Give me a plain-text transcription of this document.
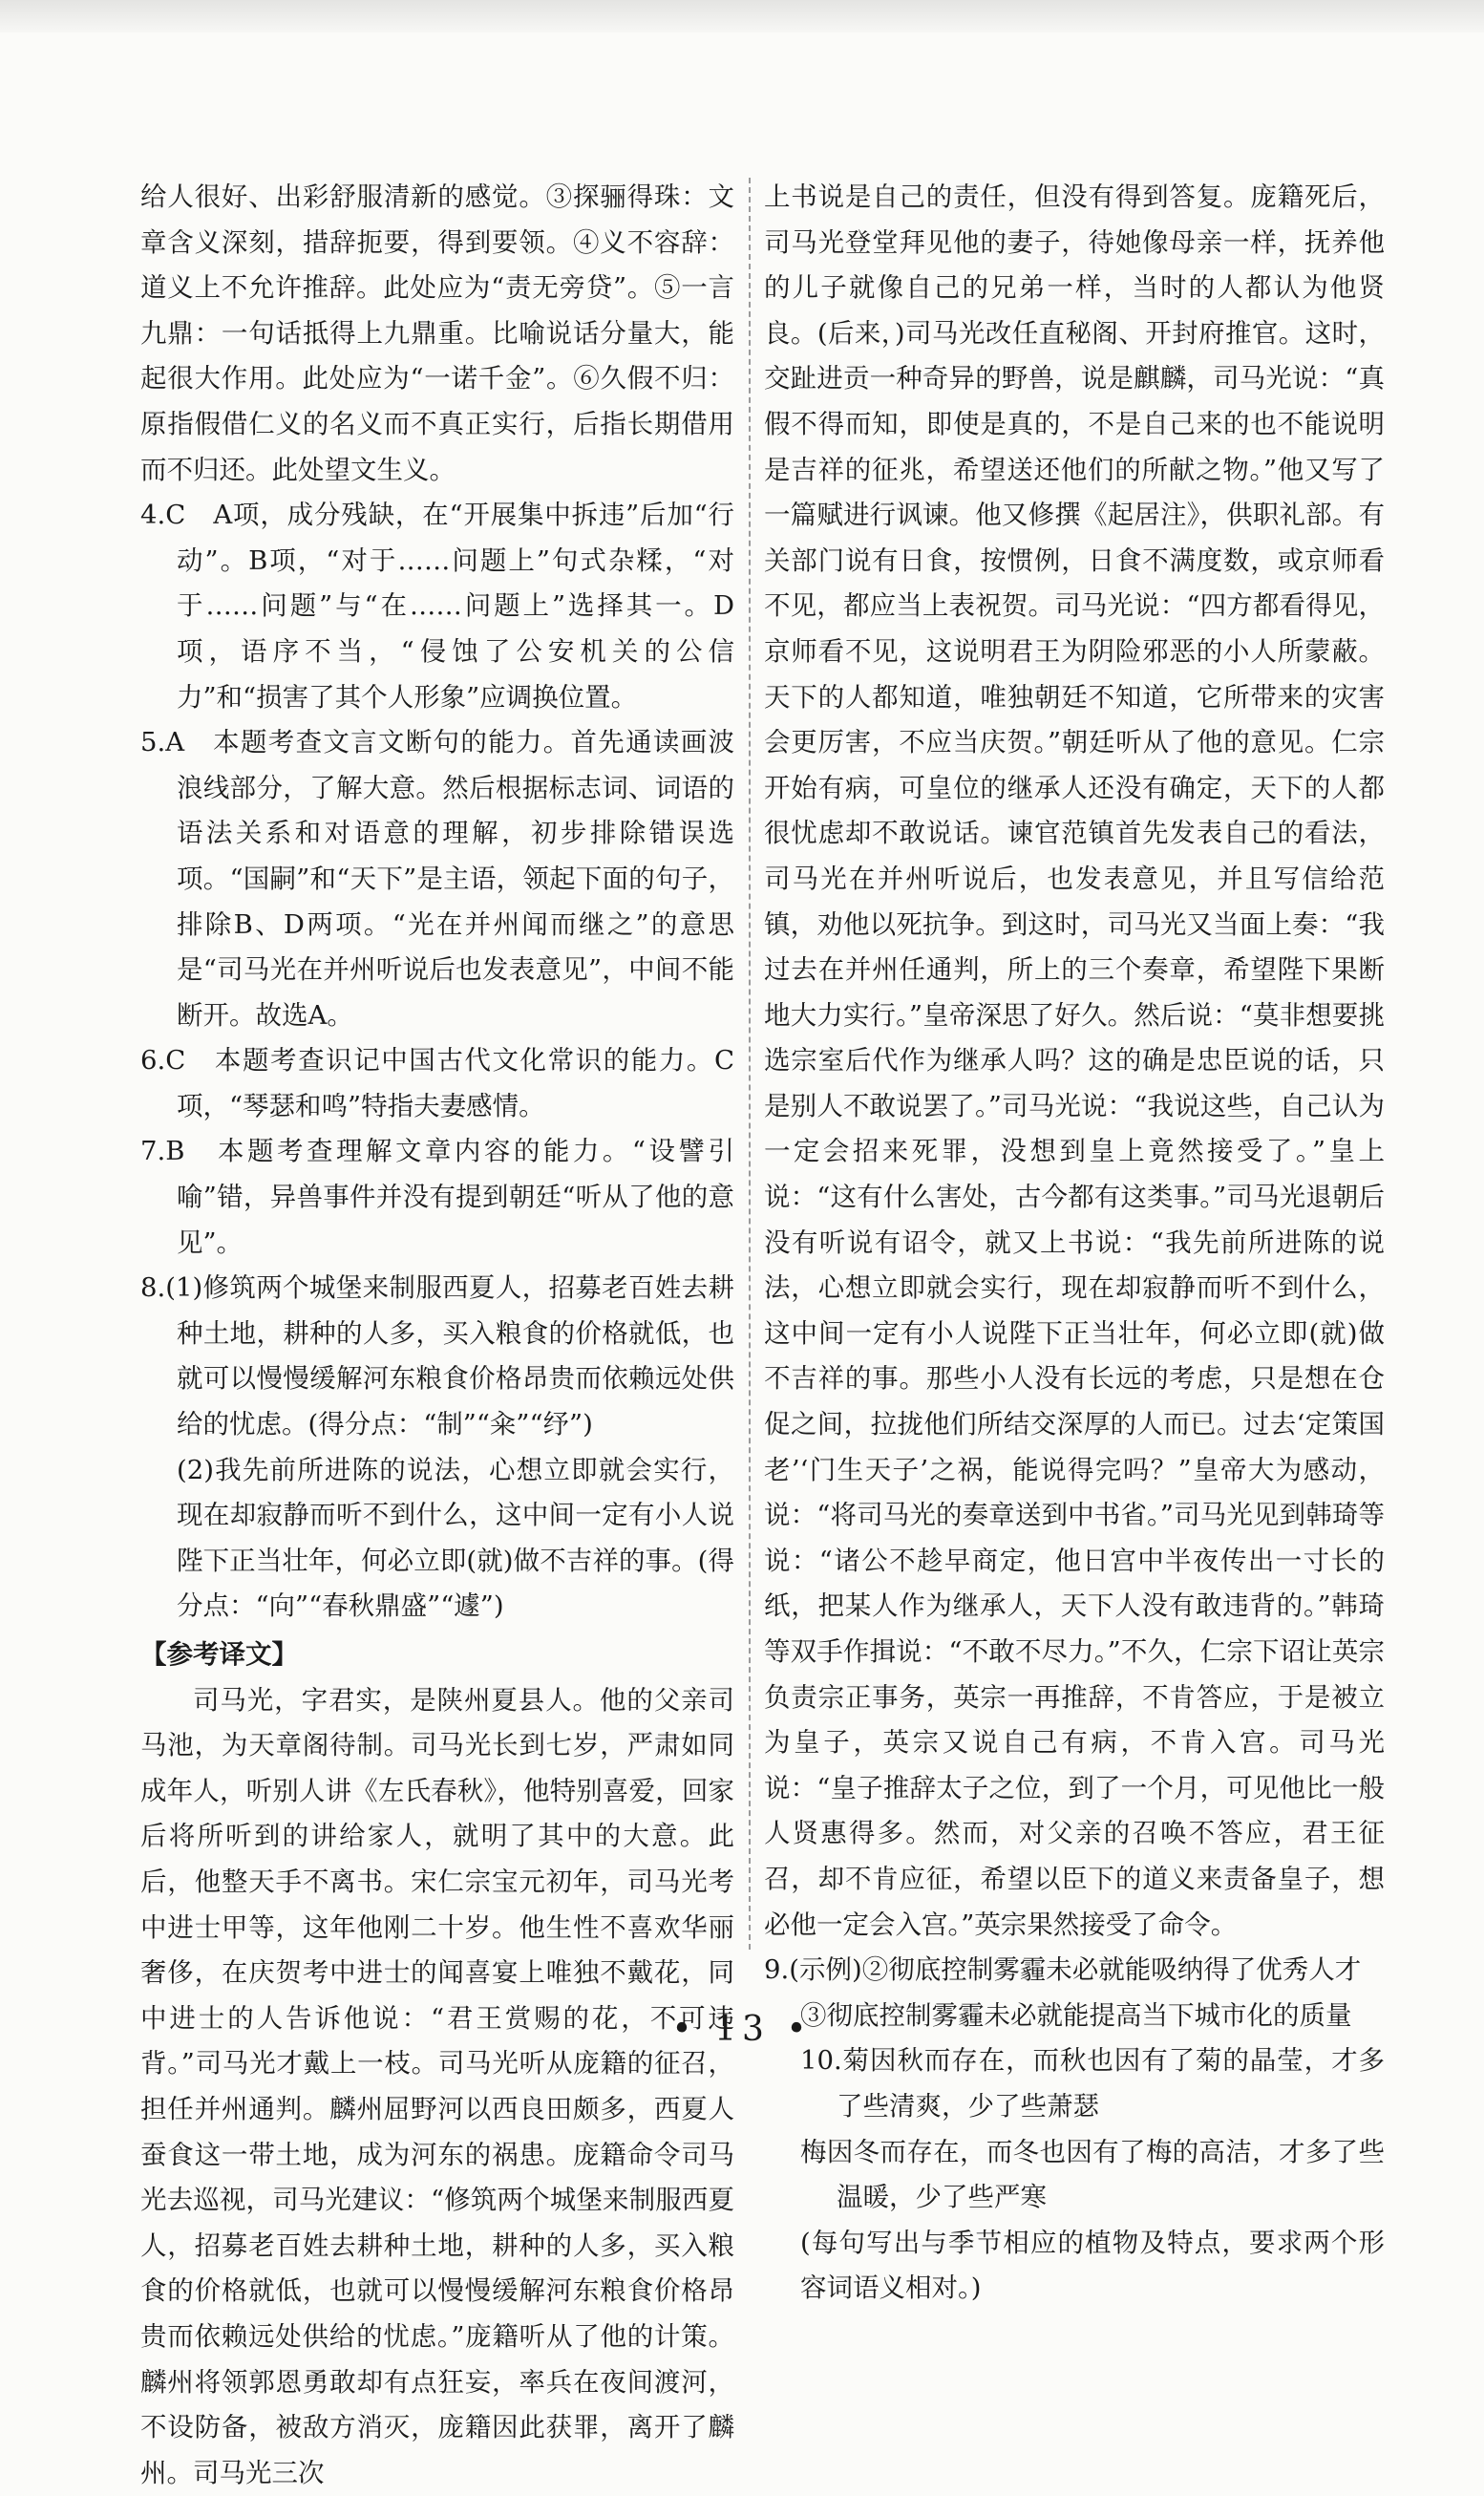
给人很好、出彩舒服清新的感觉。③探骊得珠：文章含义深刻，措辞扼要，得到要领。④义不容辞：道义上不允许推辞。此处应为“责无旁贷”。⑤一言九鼎：一句话抵得上九鼎重。比喻说话分量大，能起很大作用。此处应为“一诺千金”。⑥久假不归：原指假借仁义的名义而不真正实行，后指长期借用而不归还。此处望文生义。

4.C　A项，成分残缺，在“开展集中拆违”后加“行动”。B项，“对于……问题上”句式杂糅，“对于……问题”与“在……问题上”选择其一。D项，语序不当，“侵蚀了公安机关的公信力”和“损害了其个人形象”应调换位置。

5.A　本题考查文言文断句的能力。首先通读画波浪线部分，了解大意。然后根据标志词、词语的语法关系和对语意的理解，初步排除错误选项。“国嗣”和“天下”是主语，领起下面的句子，排除B、D两项。“光在并州闻而继之”的意思是“司马光在并州听说后也发表意见”，中间不能断开。故选A。

6.C　本题考查识记中国古代文化常识的能力。C项，“琴瑟和鸣”特指夫妻感情。

7.B　本题考查理解文章内容的能力。“设譬引喻”错，异兽事件并没有提到朝廷“听从了他的意见”。

8.(1)修筑两个城堡来制服西夏人，招募老百姓去耕种土地，耕种的人多，买入粮食的价格就低，也就可以慢慢缓解河东粮食价格昂贵而依赖远处供给的忧虑。(得分点：“制”“籴”“纾”)

(2)我先前所进陈的说法，心想立即就会实行，现在却寂静而听不到什么，这中间一定有小人说陛下正当壮年，何必立即(就)做不吉祥的事。(得分点：“向”“春秋鼎盛”“遽”)

【参考译文】

司马光，字君实，是陕州夏县人。他的父亲司马池，为天章阁待制。司马光长到七岁，严肃如同成年人，听别人讲《左氏春秋》，他特别喜爱，回家后将所听到的讲给家人，就明了其中的大意。此后，他整天手不离书。宋仁宗宝元初年，司马光考中进士甲等，这年他刚二十岁。他生性不喜欢华丽奢侈，在庆贺考中进士的闻喜宴上唯独不戴花，同中进士的人告诉他说：“君王赏赐的花，不可违背。”司马光才戴上一枝。司马光听从庞籍的征召，担任并州通判。麟州屈野河以西良田颇多，西夏人蚕食这一带土地，成为河东的祸患。庞籍命令司马光去巡视，司马光建议：“修筑两个城堡来制服西夏人，招募老百姓去耕种土地，耕种的人多，买入粮食的价格就低，也就可以慢慢缓解河东粮食价格昂贵而依赖远处供给的忧虑。”庞籍听从了他的计策。麟州将领郭恩勇敢却有点狂妄，率兵在夜间渡河，不设防备，被敌方消灭，庞籍因此获罪，离开了麟州。司马光三次

上书说是自己的责任，但没有得到答复。庞籍死后，司马光登堂拜见他的妻子，待她像母亲一样，抚养他的儿子就像自己的兄弟一样，当时的人都认为他贤良。(后来，)司马光改任直秘阁、开封府推官。这时，交趾进贡一种奇异的野兽，说是麒麟，司马光说：“真假不得而知，即使是真的，不是自己来的也不能说明是吉祥的征兆，希望送还他们的所献之物。”他又写了一篇赋进行讽谏。他又修撰《起居注》，供职礼部。有关部门说有日食，按惯例，日食不满度数，或京师看不见，都应当上表祝贺。司马光说：“四方都看得见，京师看不见，这说明君王为阴险邪恶的小人所蒙蔽。天下的人都知道，唯独朝廷不知道，它所带来的灾害会更厉害，不应当庆贺。”朝廷听从了他的意见。仁宗开始有病，可皇位的继承人还没有确定，天下的人都很忧虑却不敢说话。谏官范镇首先发表自己的看法，司马光在并州听说后，也发表意见，并且写信给范镇，劝他以死抗争。到这时，司马光又当面上奏：“我过去在并州任通判，所上的三个奏章，希望陛下果断地大力实行。”皇帝深思了好久。然后说：“莫非想要挑选宗室后代作为继承人吗？这的确是忠臣说的话，只是别人不敢说罢了。”司马光说：“我说这些，自己认为一定会招来死罪，没想到皇上竟然接受了。”皇上说：“这有什么害处，古今都有这类事。”司马光退朝后没有听说有诏令，就又上书说：“我先前所进陈的说法，心想立即就会实行，现在却寂静而听不到什么，这中间一定有小人说陛下正当壮年，何必立即(就)做不吉祥的事。那些小人没有长远的考虑，只是想在仓促之间，拉拢他们所结交深厚的人而已。过去‘定策国老’‘门生天子’之祸，能说得完吗？”皇帝大为感动，说：“将司马光的奏章送到中书省。”司马光见到韩琦等说：“诸公不趁早商定，他日宫中半夜传出一寸长的纸，把某人作为继承人，天下人没有敢违背的。”韩琦等双手作揖说：“不敢不尽力。”不久，仁宗下诏让英宗负责宗正事务，英宗一再推辞，不肯答应，于是被立为皇子，英宗又说自己有病，不肯入宫。司马光说：“皇子推辞太子之位，到了一个月，可见他比一般人贤惠得多。然而，对父亲的召唤不答应，君王征召，却不肯应征，希望以臣下的道义来责备皇子，想必他一定会入宫。”英宗果然接受了命令。

9.(示例)②彻底控制雾霾未必就能吸纳得了优秀人才

③彻底控制雾霾未必就能提高当下城市化的质量

10.菊因秋而存在，而秋也因有了菊的晶莹，才多了些清爽，少了些萧瑟

梅因冬而存在，而冬也因有了梅的高洁，才多了些温暖，少了些严寒

(每句写出与季节相应的植物及特点，要求两个形容词语义相对。)

• 13 •
